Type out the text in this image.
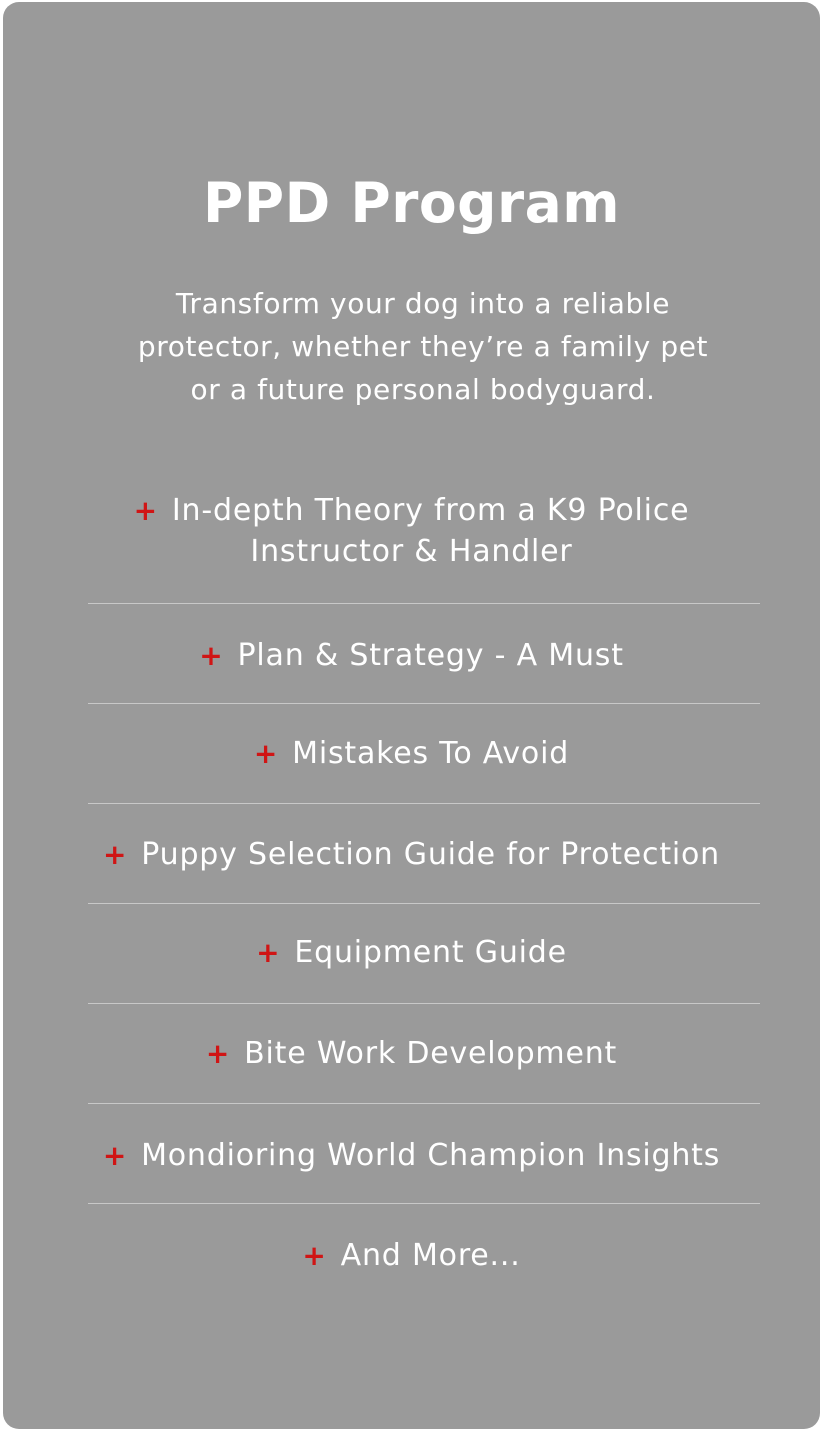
PPD Program

Transform your dog into a reliable protector, whether they’re a family pet or a future personal bodyguard.

+ In-depth Theory from a K9 Police
Instructor & Handler
+ Plan & Strategy - A Must
+ Mistakes To Avoid
+ Puppy Selection Guide for Protection
+ Equipment Guide
+ Bite Work Development
+ Mondioring World Champion Insights
+ And More...
